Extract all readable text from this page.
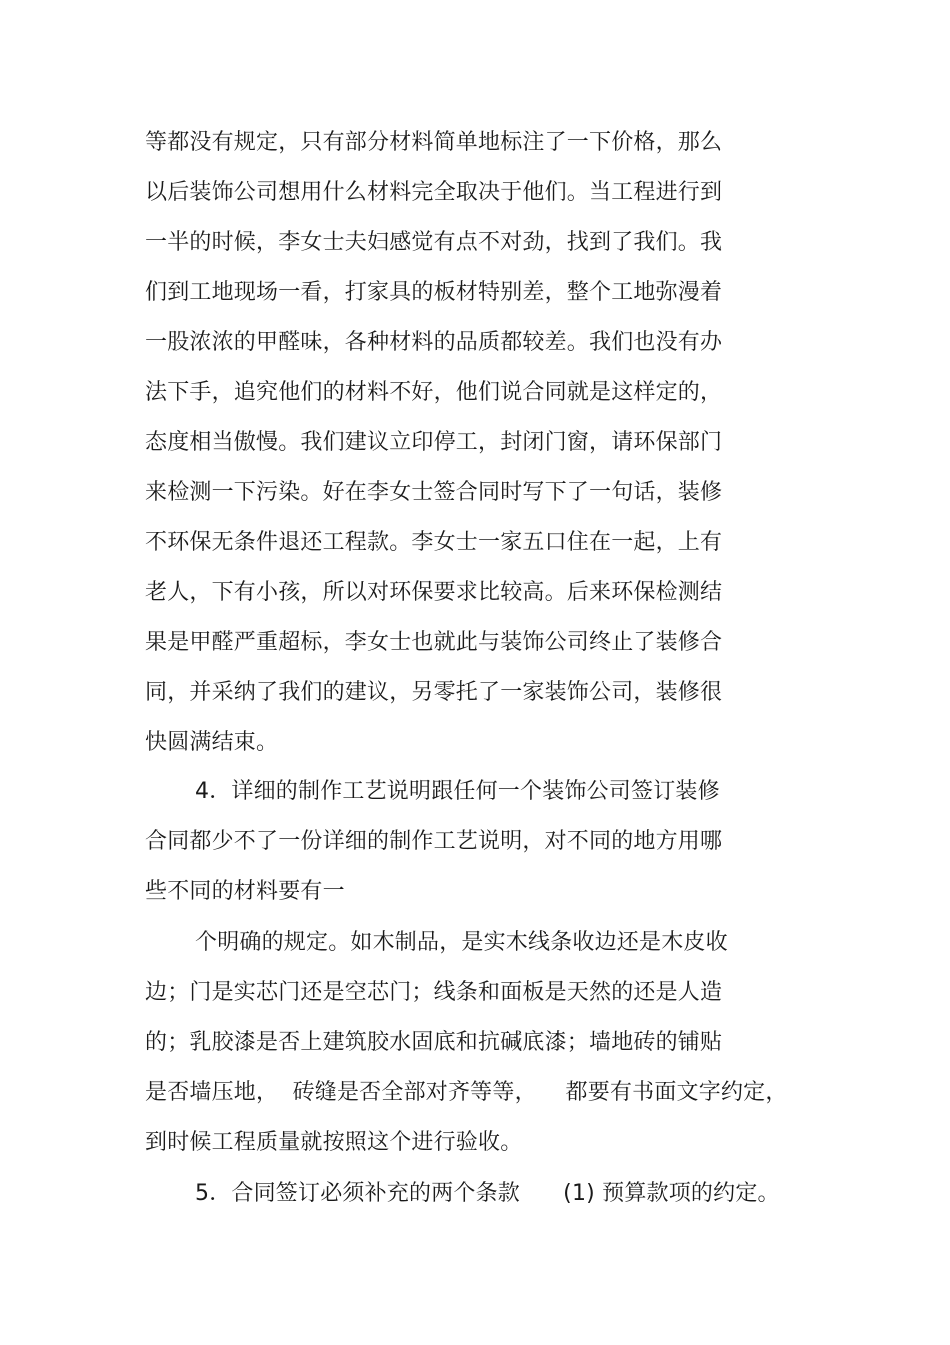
等都没有规定，只有部分材料简单地标注了一下价格，那么
以后装饰公司想用什么材料完全取决于他们。当工程进行到
一半的时候，李女士夫妇感觉有点不对劲，找到了我们。我
们到工地现场一看，打家具的板材特别差，整个工地弥漫着
一股浓浓的甲醛味，各种材料的品质都较差。我们也没有办
法下手，追究他们的材料不好，他们说合同就是这样定的，
态度相当傲慢。我们建议立印停工，封闭门窗，请环保部门
来检测一下污染。好在李女士签合同时写下了一句话，装修
不环保无条件退还工程款。李女士一家五口住在一起，上有
老人，下有小孩，所以对环保要求比较高。后来环保检测结
果是甲醛严重超标，李女士也就此与装饰公司终止了装修合
同，并采纳了我们的建议，另零托了一家装饰公司，装修很
快圆满结束。
4．详细的制作工艺说明跟任何一个装饰公司签订装修
合同都少不了一份详细的制作工艺说明，对不同的地方用哪
些不同的材料要有一
个明确的规定。如木制品，是实木线条收边还是木皮收
边；门是实芯门还是空芯门；线条和面板是天然的还是人造
的；乳胶漆是否上建筑胶水固底和抗碱底漆；墙地砖的铺贴
是否墙压地，  砖缝是否全部对齐等等，    都要有书面文字约定，
到时候工程质量就按照这个进行验收。
5．合同签订必须补充的两个条款      (1) 预算款项的约定。
